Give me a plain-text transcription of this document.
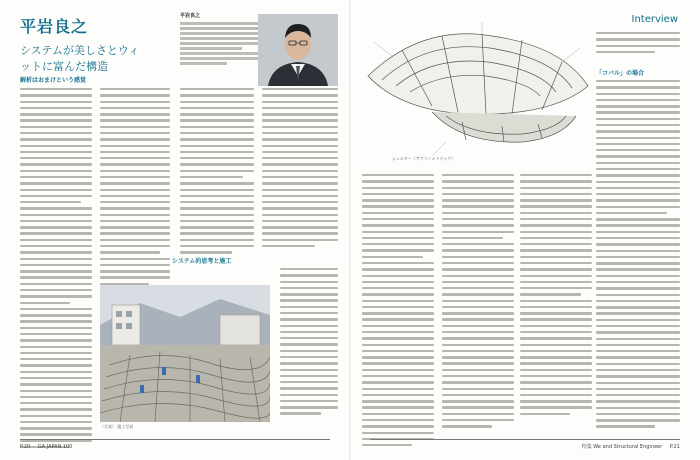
平岩良之
システムが美しさとウィットに富んだ構造
平岩良之
解析はおまけという感覚
システム的思考と施工
（写真） 施工写真
P.20 GA JAPAN 100
Interview
シェルター（アクソノメトリック）
「コバル」の場合
特集 We and Structural Engineer P.21
